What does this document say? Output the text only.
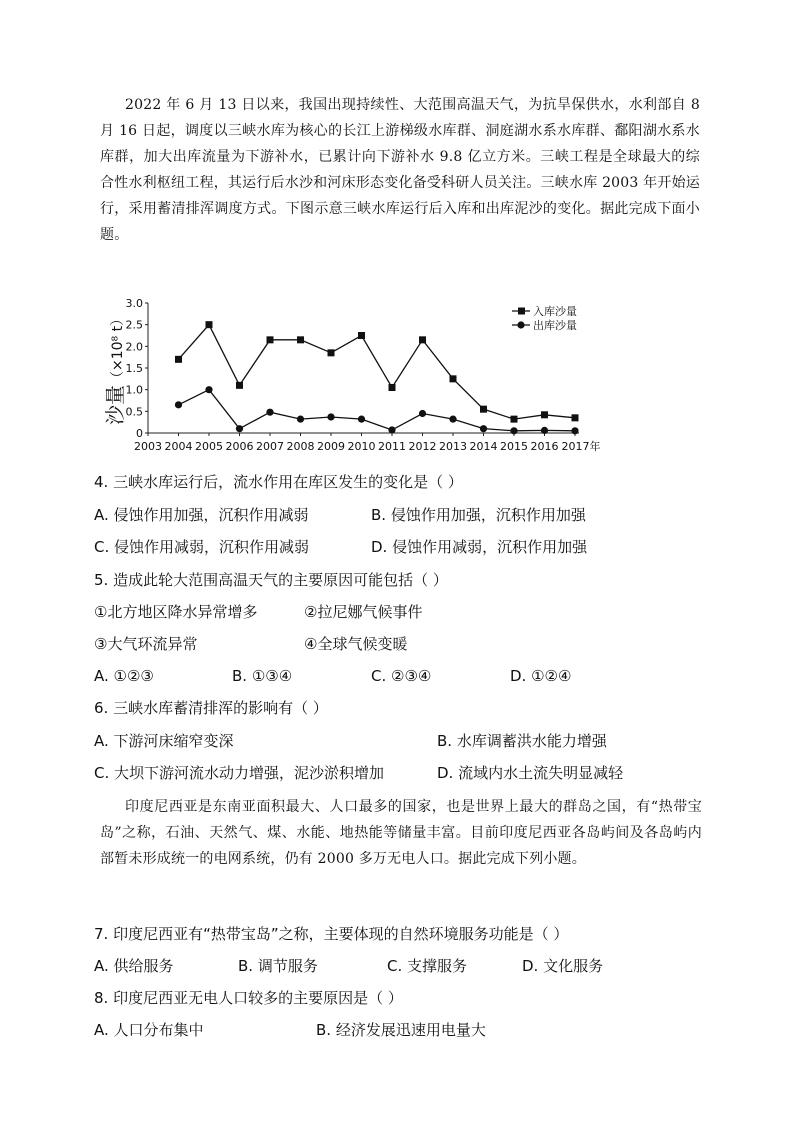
2022 年 6 月 13 日以来，我国出现持续性、大范围高温天气，为抗旱保供水，水利部自 8 月 16 日起，调度以三峡水库为核心的长江上游梯级水库群、洞庭湖水系水库群、鄱阳湖水系水库群，加大出库流量为下游补水，已累计向下游补水 9.8 亿立方米。三峡工程是全球最大的综合性水利枢纽工程，其运行后水沙和河床形态变化备受科研人员关注。三峡水库 2003 年开始运行，采用蓄清排浑调度方式。下图示意三峡水库运行后入库和出库泥沙的变化。据此完成下面小题。
0
0.5
1.0
1.5
2.0
2.5
3.0
2003 2004 2005 2006 2007 2008 2009 2010 2011 2012 2013 2014 2015 2016 2017年
入库沙量
出库沙量
沙量
（×10⁸ t）
4. 三峡水库运行后，流水作用在库区发生的变化是（ ）
A. 侵蚀作用加强，沉积作用减弱	B. 侵蚀作用加强，沉积作用加强
C. 侵蚀作用减弱，沉积作用减弱	D. 侵蚀作用减弱，沉积作用加强
5. 造成此轮大范围高温天气的主要原因可能包括（ ）
①北方地区降水异常增多	②拉尼娜气候事件
③大气环流异常	④全球气候变暖
A. ①②③	B. ①③④	C. ②③④	D. ①②④
6. 三峡水库蓄清排浑的影响有（ ）
A. 下游河床缩窄变深	B. 水库调蓄洪水能力增强
C. 大坝下游河流水动力增强，泥沙淤积增加	D. 流域内水土流失明显减轻
印度尼西亚是东南亚面积最大、人口最多的国家，也是世界上最大的群岛之国，有“热带宝岛”之称，石油、天然气、煤、水能、地热能等储量丰富。目前印度尼西亚各岛屿间及各岛屿内部暂未形成统一的电网系统，仍有 2000 多万无电人口。据此完成下列小题。
7. 印度尼西亚有“热带宝岛”之称，主要体现的自然环境服务功能是（ ）
A. 供给服务	B. 调节服务	C. 支撑服务	D. 文化服务
8. 印度尼西亚无电人口较多的主要原因是（ ）
A. 人口分布集中	B. 经济发展迅速用电量大
